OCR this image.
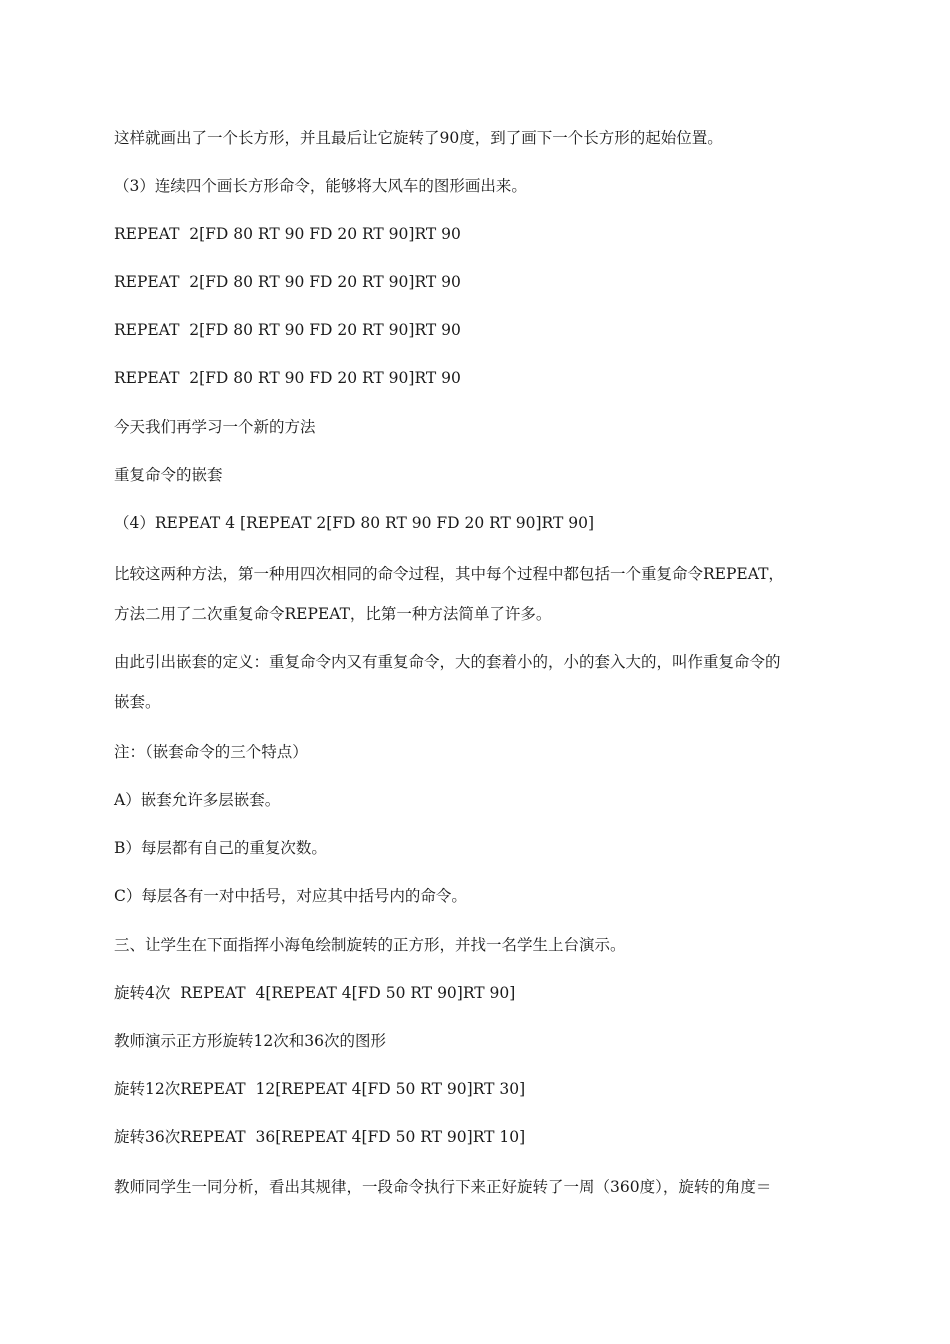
这样就画出了一个长方形，并且最后让它旋转了90度，到了画下一个长方形的起始位置。
（3）连续四个画长方形命令，能够将大风车的图形画出来。
REPEAT  2[FD 80 RT 90 FD 20 RT 90]RT 90
REPEAT  2[FD 80 RT 90 FD 20 RT 90]RT 90
REPEAT  2[FD 80 RT 90 FD 20 RT 90]RT 90
REPEAT  2[FD 80 RT 90 FD 20 RT 90]RT 90
今天我们再学习一个新的方法
重复命令的嵌套
（4）REPEAT 4 [REPEAT 2[FD 80 RT 90 FD 20 RT 90]RT 90]
比较这两种方法，第一种用四次相同的命令过程，其中每个过程中都包括一个重复命令REPEAT，
方法二用了二次重复命令REPEAT，比第一种方法简单了许多。
由此引出嵌套的定义：重复命令内又有重复命令，大的套着小的，小的套入大的，叫作重复命令的
嵌套。
注：（嵌套命令的三个特点）
A）嵌套允许多层嵌套。
B）每层都有自己的重复次数。
C）每层各有一对中括号，对应其中括号内的命令。
三、让学生在下面指挥小海龟绘制旋转的正方形，并找一名学生上台演示。
旋转4次  REPEAT  4[REPEAT 4[FD 50 RT 90]RT 90]
教师演示正方形旋转12次和36次的图形
旋转12次REPEAT  12[REPEAT 4[FD 50 RT 90]RT 30]
旋转36次REPEAT  36[REPEAT 4[FD 50 RT 90]RT 10]
教师同学生一同分析，看出其规律，一段命令执行下来正好旋转了一周（360度），旋转的角度＝
